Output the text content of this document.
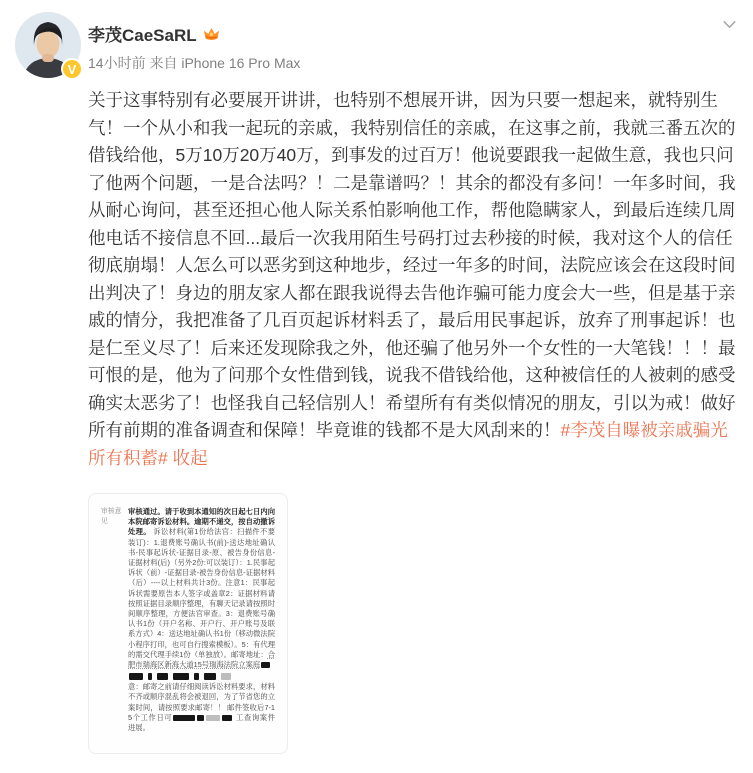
V
李茂CaeSaRL
14小时前 来自 iPhone 16 Pro Max
关于这事特别有必要展开讲讲，也特别不想展开讲，因为只要一想起来，就特别生气！一个从小和我一起玩的亲戚，我特别信任的亲戚，在这事之前，我就三番五次的借钱给他，5万10万20万40万，到事发的过百万！他说要跟我一起做生意，我也只问了他两个问题，一是合法吗？！二是靠谱吗？！其余的都没有多问！一年多时间，我从耐心询问，甚至还担心他人际关系怕影响他工作，帮他隐瞒家人，到最后连续几周他电话不接信息不回...最后一次我用陌生号码打过去秒接的时候，我对这个人的信任彻底崩塌！人怎么可以恶劣到这种地步，经过一年多的时间，法院应该会在这段时间出判决了！身边的朋友家人都在跟我说得去告他诈骗可能力度会大一些，但是基于亲戚的情分，我把准备了几百页起诉材料丢了，最后用民事起诉，放弃了刑事起诉！也是仁至义尽了！后来还发现除我之外，他还骗了他另外一个女性的一大笔钱！！！最可恨的是，他为了问那个女性借到钱，说我不借钱给他，这种被信任的人被刺的感受确实太恶劣了！也怪我自己轻信别人！希望所有有类似情况的朋友，引以为戒！做好所有前期的准备调查和保障！毕竟谁的钱都不是大风刮来的！#李茂自曝被亲戚骗光所有积蓄# 收起
审核意见
审核通过。请于收到本通知的次日起七日内向本院邮寄诉讼材料。逾期不递交，按自动撤诉处理。 诉讼材料(第1份给法官：扫描件不要装订)：1.退费账号确认书(前)-送达地址确认书-民事起诉状-证据目录-原、被告身份信息-证据材料(后)（另外2份:可以装订）：1.民事起诉状（前）-证据目录-被告身份信息-证据材料（后）----以上材料共计3份。注意1：民事起诉状需要原告本人签字或盖章2：证据材料请按照证据目录顺序整理，有聊天记录请按照时间顺序整理，方便法官审查。3：退费账号确认书1份（开户名称、开户行、开户账号及联系方式）4：送达地址确认书1份（移动微法院小程序打印，也可自行搜索模板）。5：有代理的需交代理手续1份（单独放）。邮寄地址：合肥市瑞海区新海大道15号瑞海法院立案庭
意：邮寄之前请仔细阅读诉讼材料要求，材料不齐或顺序混乱将会被退回，为了节省您的立案时间，请按照要求邮寄！！ 邮件签收后7-15个工作日可	工查询案件进展。
